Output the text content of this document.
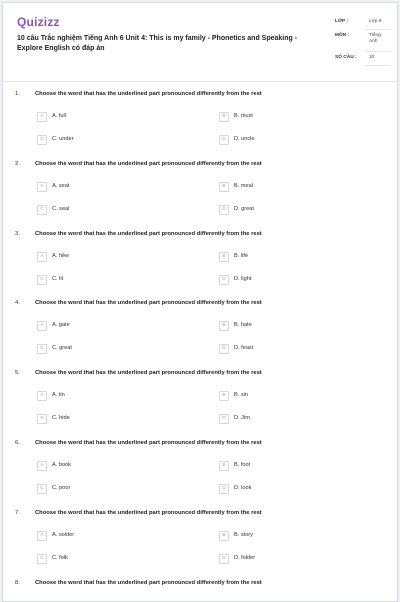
Quizizz
10 câu Trắc nghiệm Tiếng Anh 6 Unit 4: This is my family - Phonetics and Speaking - Explore English có đáp án
LỚP :	Lớp 6
MÔN :	Tiếng Anh
SỐ CÂU :	10
1.	Choose the word that has the underlined part pronounced differently from the rest
A	A. full	B	B. must
C	C. under	D	D. uncle
2.	Choose the word that has the underlined part pronounced differently from the rest
A	A. seat	B	B. meal
C	C. seal	D	D. great
3.	Choose the word that has the underlined part pronounced differently from the rest
A	A. hike	B	B. life
C	C. lit	D	D. light
4.	Choose the word that has the underlined part pronounced differently from the rest
A	A. gate	B	B. hate
C	C. great	D	D. feast
5.	Choose the word that has the underlined part pronounced differently from the rest
A	A. tin	B	B. sin
C	C. hide	D	D. Jim
6.	Choose the word that has the underlined part pronounced differently from the rest
A	A. book	B	B. foot
C	C. poor	D	D. look
7.	Choose the word that has the underlined part pronounced differently from the rest
A	A. solder	B	B. story
C	C. folk	D	D. folder
8.	Choose the word that has the underlined part pronounced differently from the rest
